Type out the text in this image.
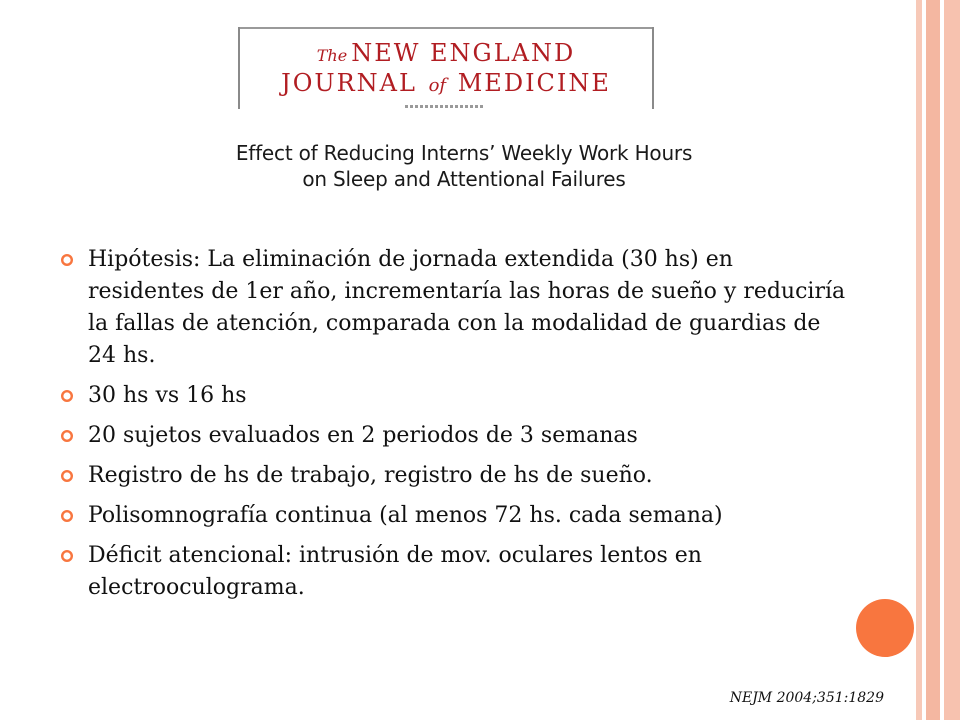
The NEW ENGLAND
JOURNAL of MEDICINE
Effect of Reducing Interns’ Weekly Work Hours
on Sleep and Attentional Failures
Hipótesis: La eliminación de jornada extendida (30 hs) en residentes de 1er año, incrementaría las horas de sueño y reduciría la fallas de atención, comparada con la modalidad de guardias de 24 hs.
30 hs vs 16 hs
20 sujetos evaluados en 2 periodos de 3 semanas
Registro de hs de trabajo, registro de hs de sueño.
Polisomnografía continua (al menos 72 hs. cada semana)
Déficit atencional: intrusión de mov. oculares lentos en electrooculograma.
NEJM 2004;351:1829
